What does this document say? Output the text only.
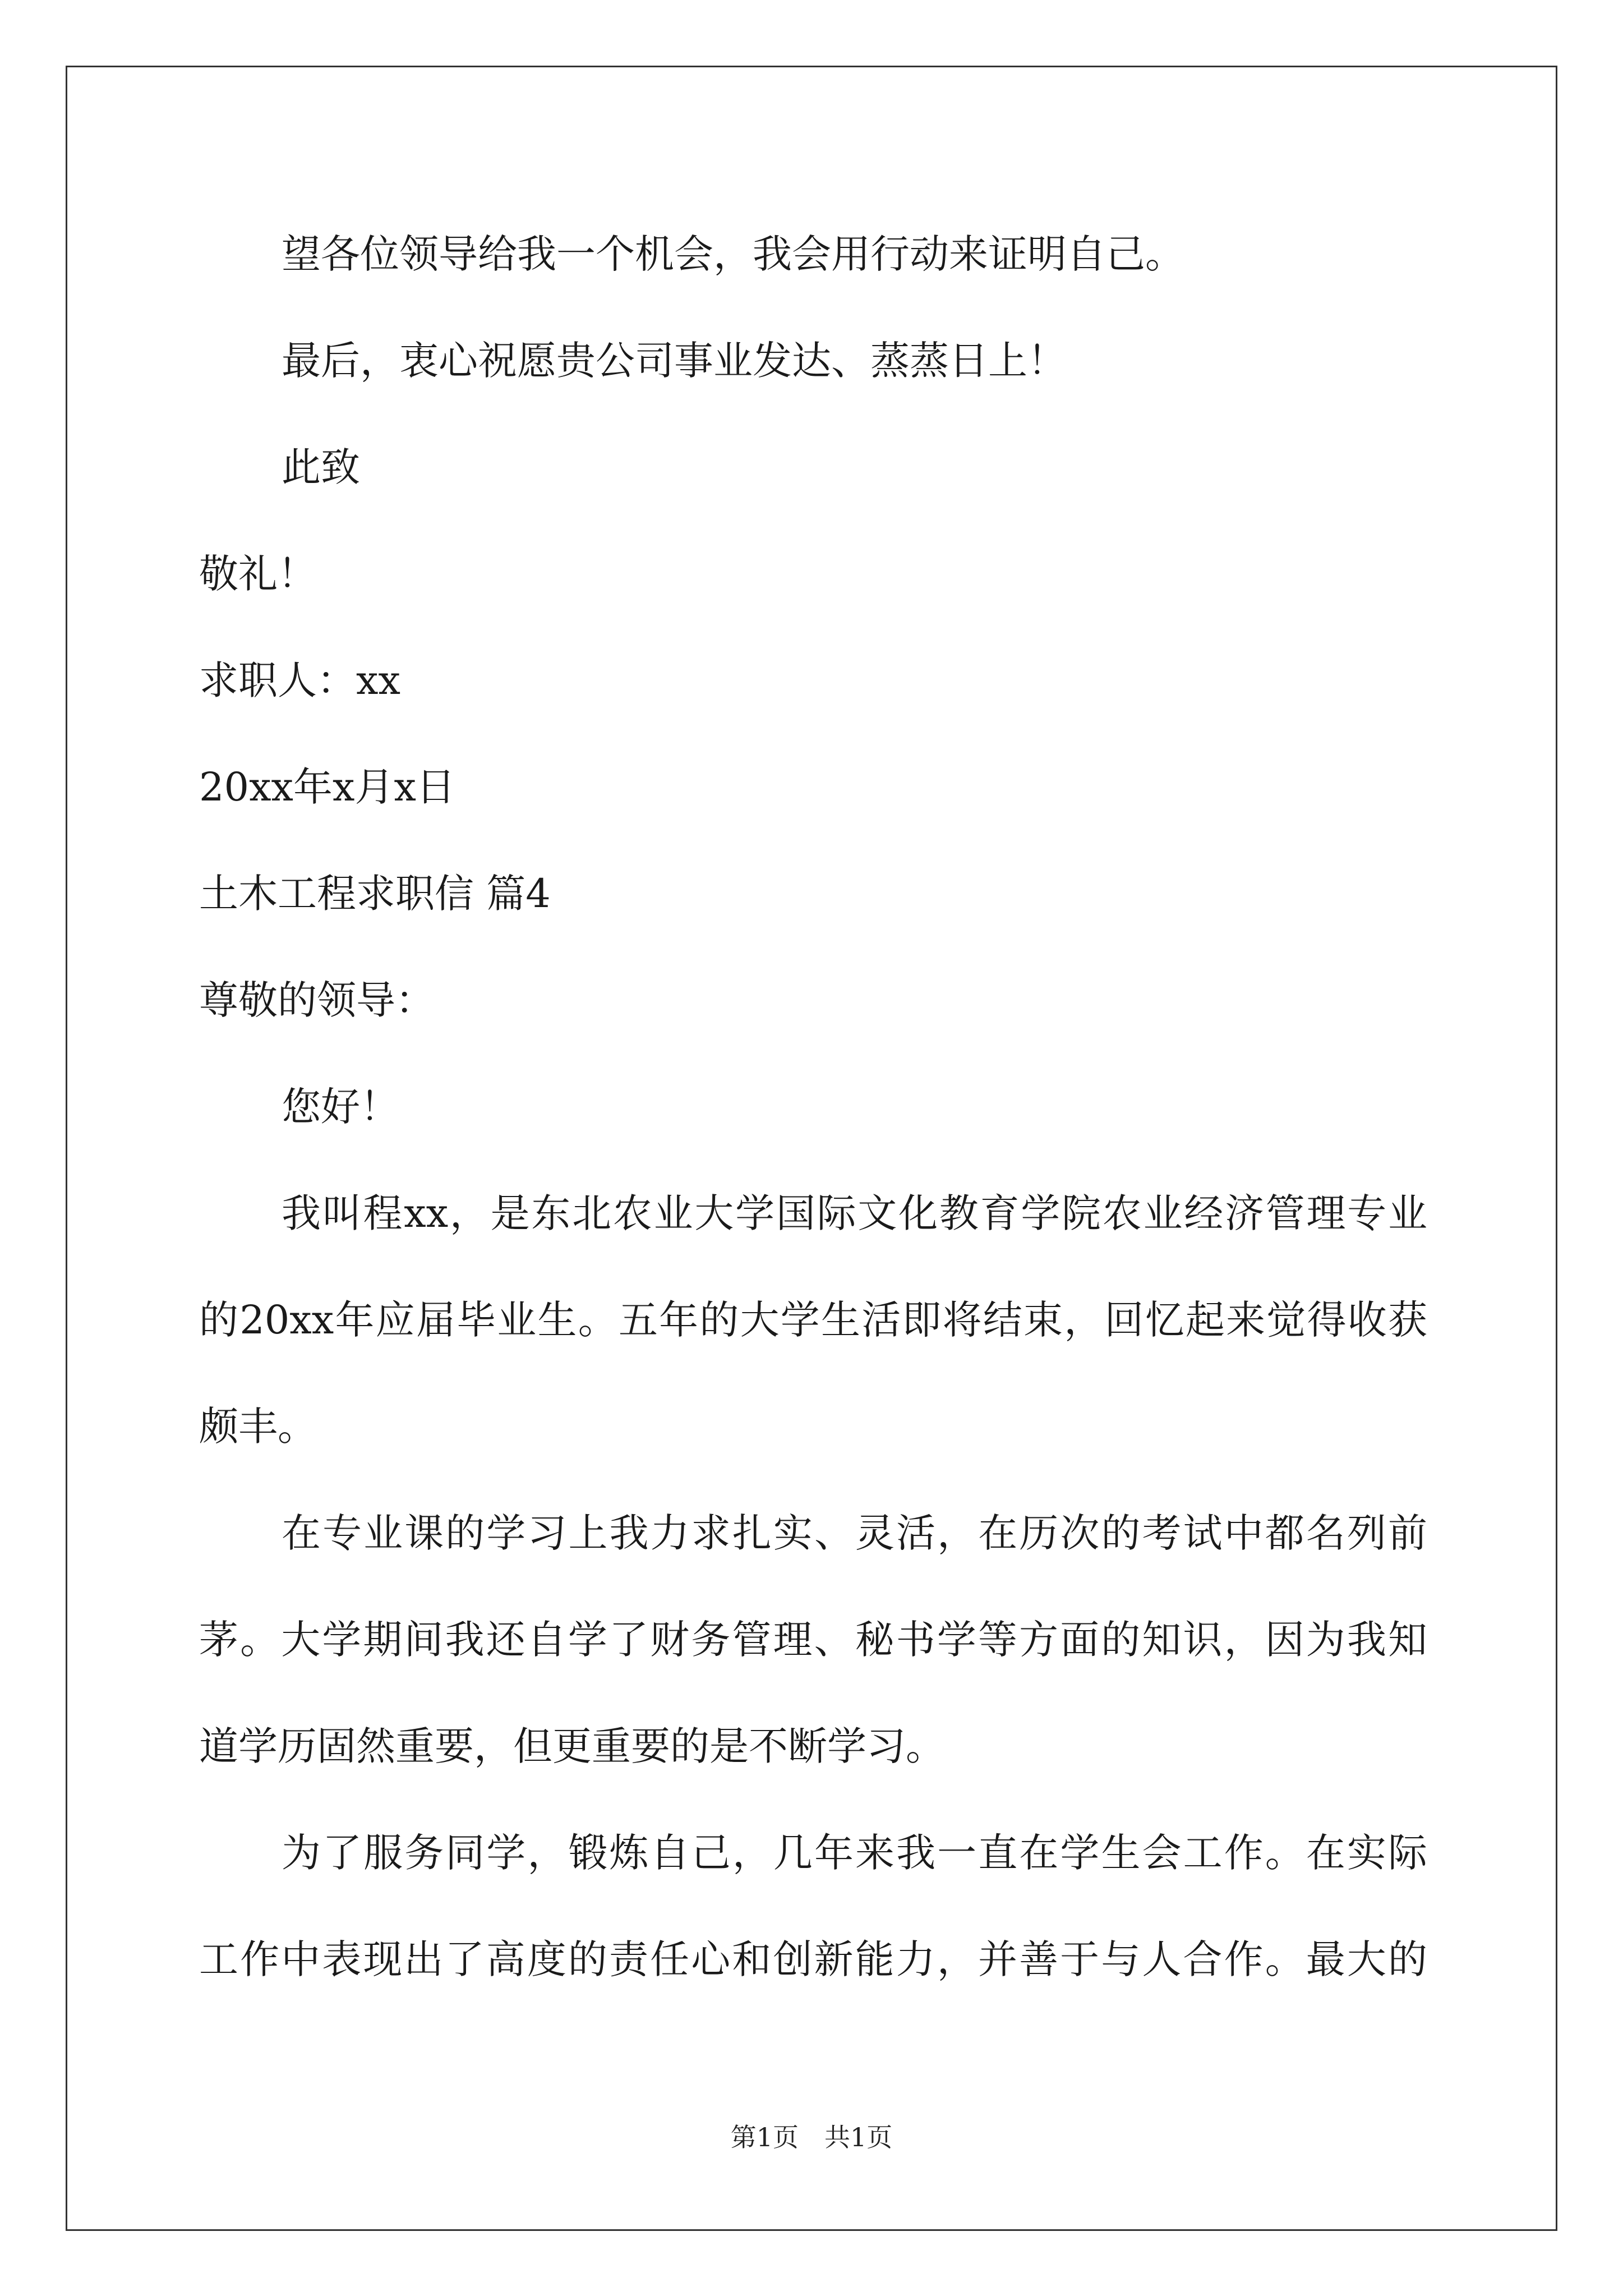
望各位领导给我一个机会，我会用行动来证明自己。
最后，衷心祝愿贵公司事业发达、蒸蒸日上！
此致
敬礼！
求职人：xx
20xx年x月x日
土木工程求职信 篇4
尊敬的领导：
您好！
我叫程xx，是东北农业大学国际文化教育学院农业经济管理专业
的20xx年应届毕业生。五年的大学生活即将结束，回忆起来觉得收获
颇丰。
在专业课的学习上我力求扎实、灵活，在历次的考试中都名列前
茅。大学期间我还自学了财务管理、秘书学等方面的知识，因为我知
道学历固然重要，但更重要的是不断学习。
为了服务同学，锻炼自己，几年来我一直在学生会工作。在实际
工作中表现出了高度的责任心和创新能力，并善于与人合作。最大的
第1页　共1页
